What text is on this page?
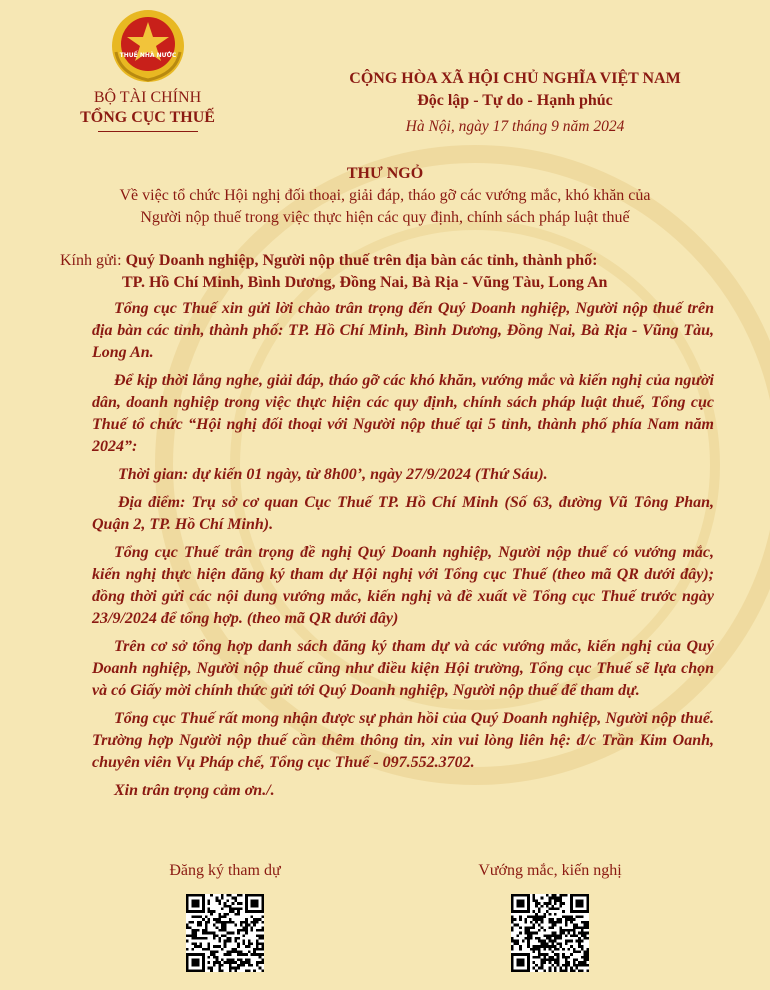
THUẾ NHÀ NƯỚC
BỘ TÀI CHÍNH
TỔNG CỤC THUẾ
CỘNG HÒA XÃ HỘI CHỦ NGHĨA VIỆT NAM
Độc lập - Tự do - Hạnh phúc
Hà Nội, ngày 17 tháng 9 năm 2024
THƯ NGỎ
Về việc tổ chức Hội nghị đối thoại, giải đáp, tháo gỡ các vướng mắc, khó khăn của
Người nộp thuế trong việc thực hiện các quy định, chính sách pháp luật thuế
Kính gửi: Quý Doanh nghiệp, Người nộp thuế trên địa bàn các tỉnh, thành phố:
TP. Hồ Chí Minh, Bình Dương, Đồng Nai, Bà Rịa - Vũng Tàu, Long An

Tổng cục Thuế xin gửi lời chào trân trọng đến Quý Doanh nghiệp, Người nộp thuế trên địa bàn các tỉnh, thành phố: TP. Hồ Chí Minh, Bình Dương, Đồng Nai, Bà Rịa - Vũng Tàu, Long An.

Để kịp thời lắng nghe, giải đáp, tháo gỡ các khó khăn, vướng mắc và kiến nghị của người dân, doanh nghiệp trong việc thực hiện các quy định, chính sách pháp luật thuế, Tổng cục Thuế tổ chức “Hội nghị đối thoại với Người nộp thuế tại 5 tỉnh, thành phố phía Nam năm 2024”:

Thời gian: dự kiến 01 ngày, từ 8h00’, ngày 27/9/2024 (Thứ Sáu).

Địa điểm: Trụ sở cơ quan Cục Thuế TP. Hồ Chí Minh (Số 63, đường Vũ Tông Phan, Quận 2, TP. Hồ Chí Minh).

Tổng cục Thuế trân trọng đề nghị Quý Doanh nghiệp, Người nộp thuế có vướng mắc, kiến nghị thực hiện đăng ký tham dự Hội nghị với Tổng cục Thuế (theo mã QR dưới đây); đồng thời gửi các nội dung vướng mắc, kiến nghị và đề xuất về Tổng cục Thuế trước ngày 23/9/2024 để tổng hợp. (theo mã QR dưới đây)

Trên cơ sở tổng hợp danh sách đăng ký tham dự và các vướng mắc, kiến nghị của Quý Doanh nghiệp, Người nộp thuế cũng như điều kiện Hội trường, Tổng cục Thuế sẽ lựa chọn và có Giấy mời chính thức gửi tới Quý Doanh nghiệp, Người nộp thuế để tham dự.

Tổng cục Thuế rất mong nhận được sự phản hồi của Quý Doanh nghiệp, Người nộp thuế. Trường hợp Người nộp thuế cần thêm thông tin, xin vui lòng liên hệ: đ/c Trần Kim Oanh, chuyên viên Vụ Pháp chế, Tổng cục Thuế - 097.552.3702.

Xin trân trọng cảm ơn./.

Đăng ký tham dự	Vướng mắc, kiến nghị
